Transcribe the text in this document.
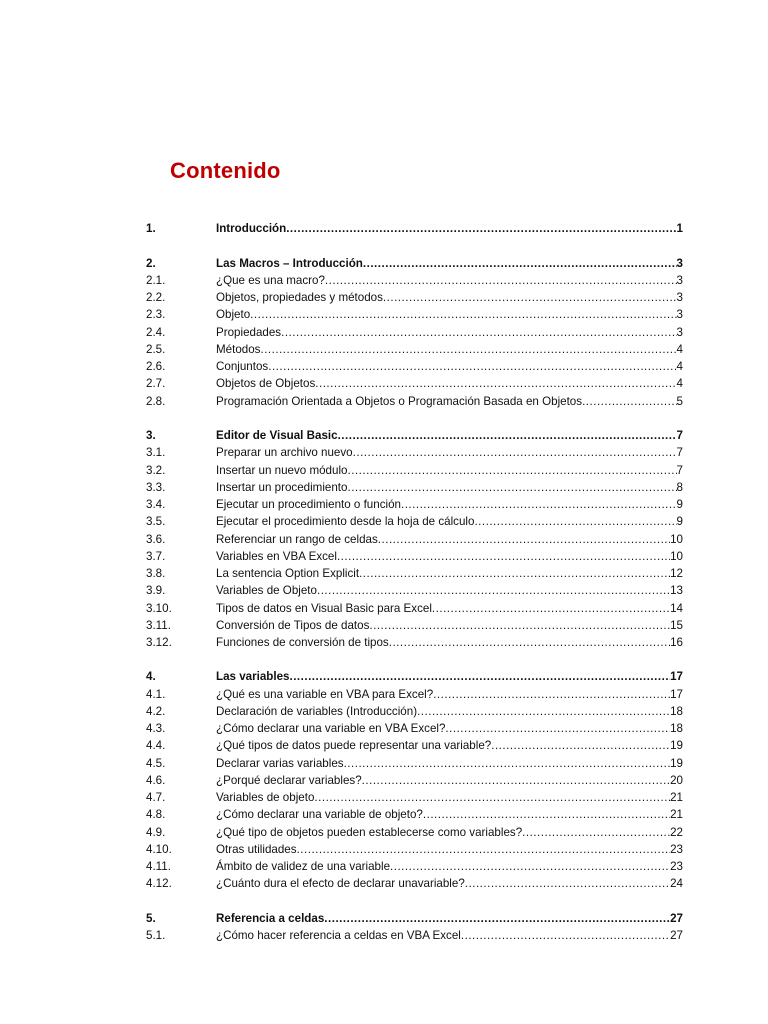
Contenido
1.	Introducción .....	1
2.	Las Macros – Introducción .....	3
2.1.	¿Que es una macro? .....	3
2.2.	Objetos, propiedades y métodos .....	3
2.3.	Objeto .....	3
2.4.	Propiedades .....	3
2.5.	Métodos .....	4
2.6.	Conjuntos .....	4
2.7.	Objetos de Objetos .....	4
2.8.	Programación Orientada a Objetos o Programación Basada en Objetos .....	5
3.	Editor de Visual Basic .....	7
3.1.	Preparar un archivo nuevo .....	7
3.2.	Insertar un nuevo módulo .....	7
3.3.	Insertar un procedimiento .....	8
3.4.	Ejecutar un procedimiento o función .....	9
3.5.	Ejecutar el procedimiento desde la hoja de cálculo .....	9
3.6.	Referenciar un rango de celdas .....	10
3.7.	Variables en VBA Excel .....	10
3.8.	La sentencia Option Explicit .....	12
3.9.	Variables de Objeto .....	13
3.10.	Tipos de datos en Visual Basic para Excel .....	14
3.11.	Conversión de Tipos de datos .....	15
3.12.	Funciones de conversión de tipos .....	16
4.	Las variables .....	17
4.1.	¿Qué es una variable en VBA para Excel? .....	17
4.2.	Declaración de variables (Introducción) .....	18
4.3.	¿Cómo declarar una variable en VBA Excel? .....	18
4.4.	¿Qué tipos de datos puede representar una variable? .....	19
4.5.	Declarar varias variables .....	19
4.6.	¿Porqué declarar variables? .....	20
4.7.	Variables de objeto .....	21
4.8.	¿Cómo declarar una variable de objeto? .....	21
4.9.	¿Qué tipo de objetos pueden establecerse como variables? .....	22
4.10.	Otras utilidades .....	23
4.11.	Ámbito de validez de una variable .....	23
4.12.	¿Cuánto dura el efecto de declarar unavariable? .....	24
5.	Referencia a celdas .....	27
5.1.	¿Cómo hacer referencia a celdas en VBA Excel .....	27
